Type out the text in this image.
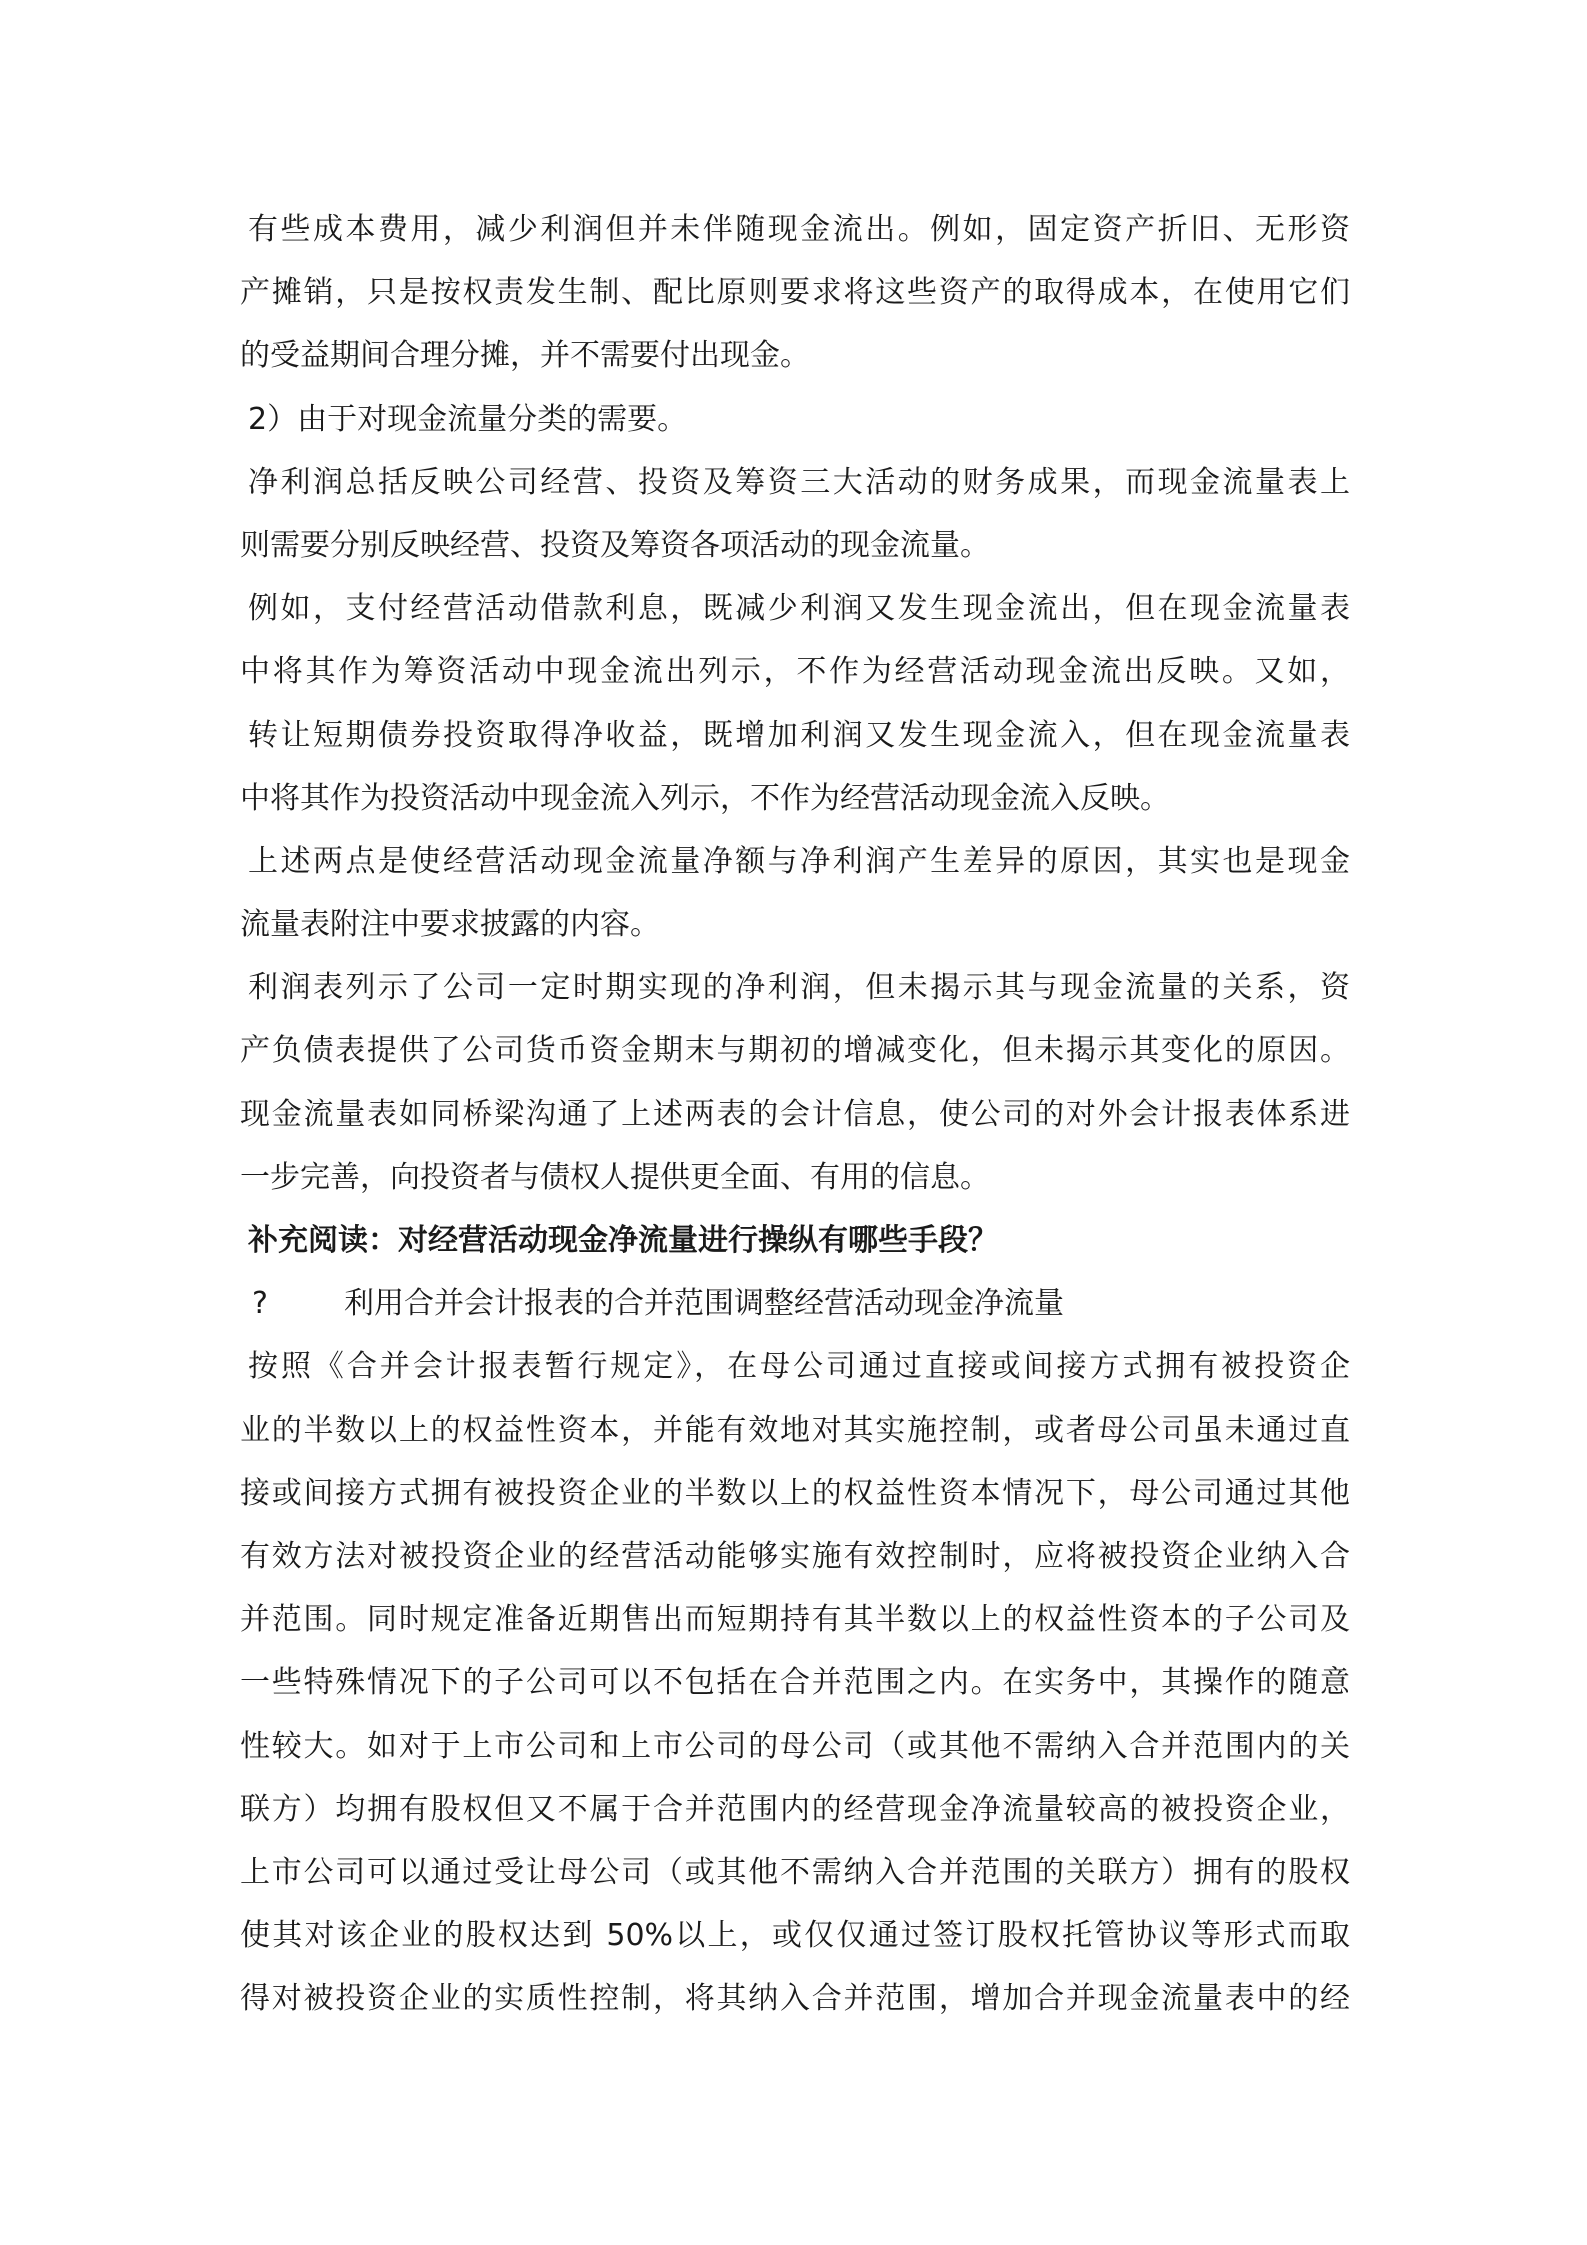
有些成本费用，减少利润但并未伴随现金流出。例如，固定资产折旧、无形资
产摊销，只是按权责发生制、配比原则要求将这些资产的取得成本，在使用它们
的受益期间合理分摊，并不需要付出现金。
2）由于对现金流量分类的需要。
净利润总括反映公司经营、投资及筹资三大活动的财务成果，而现金流量表上
则需要分别反映经营、投资及筹资各项活动的现金流量。
例如，支付经营活动借款利息，既减少利润又发生现金流出，但在现金流量表
中将其作为筹资活动中现金流出列示，不作为经营活动现金流出反映。又如，
转让短期债券投资取得净收益，既增加利润又发生现金流入，但在现金流量表
中将其作为投资活动中现金流入列示，不作为经营活动现金流入反映。
上述两点是使经营活动现金流量净额与净利润产生差异的原因，其实也是现金
流量表附注中要求披露的内容。
利润表列示了公司一定时期实现的净利润，但未揭示其与现金流量的关系，资
产负债表提供了公司货币资金期末与期初的增减变化，但未揭示其变化的原因。
现金流量表如同桥梁沟通了上述两表的会计信息，使公司的对外会计报表体系进
一步完善，向投资者与债权人提供更全面、有用的信息。
补充阅读：对经营活动现金净流量进行操纵有哪些手段？
?	利用合并会计报表的合并范围调整经营活动现金净流量
按照《合并会计报表暂行规定》，在母公司通过直接或间接方式拥有被投资企
业的半数以上的权益性资本，并能有效地对其实施控制，或者母公司虽未通过直
接或间接方式拥有被投资企业的半数以上的权益性资本情况下，母公司通过其他
有效方法对被投资企业的经营活动能够实施有效控制时，应将被投资企业纳入合
并范围。同时规定准备近期售出而短期持有其半数以上的权益性资本的子公司及
一些特殊情况下的子公司可以不包括在合并范围之内。在实务中，其操作的随意
性较大。如对于上市公司和上市公司的母公司（或其他不需纳入合并范围内的关
联方）均拥有股权但又不属于合并范围内的经营现金净流量较高的被投资企业，
上市公司可以通过受让母公司（或其他不需纳入合并范围的关联方）拥有的股权
使其对该企业的股权达到 50%以上，或仅仅通过签订股权托管协议等形式而取
得对被投资企业的实质性控制，将其纳入合并范围，增加合并现金流量表中的经
